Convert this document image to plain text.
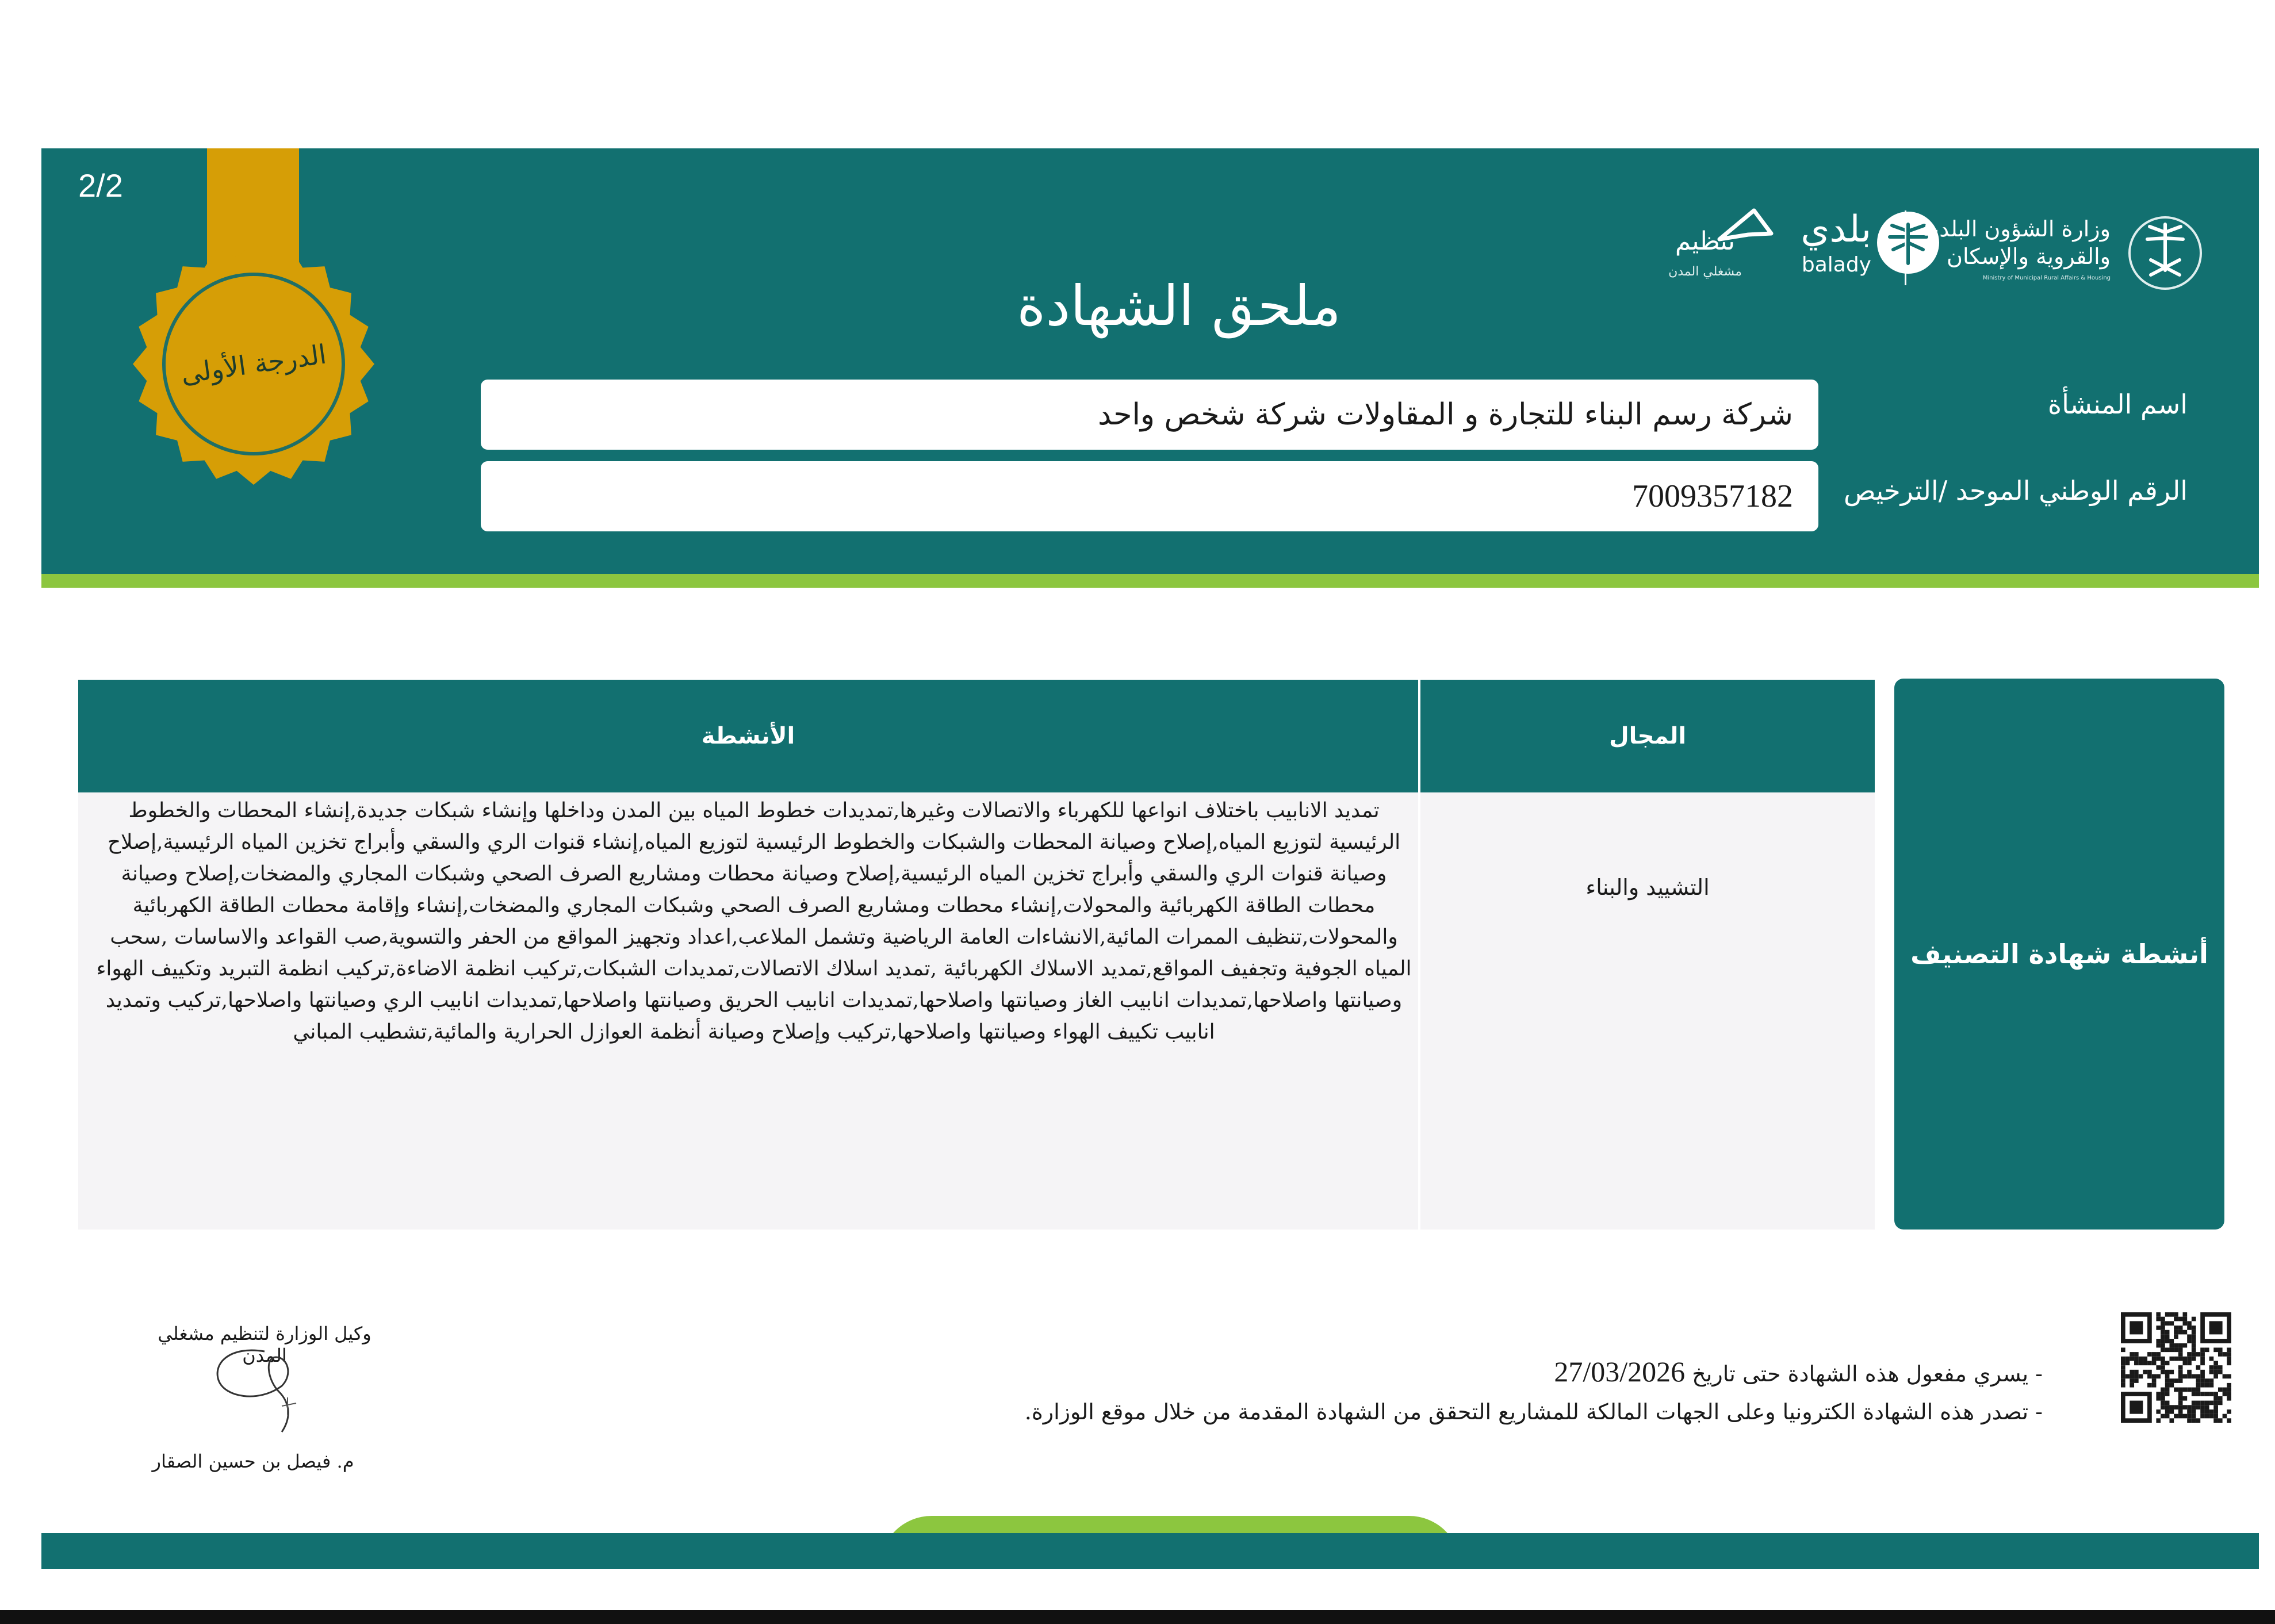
2/2
الدرجة الأولى
ملحق الشهادة
تنظيم
مشغلي المدن
بلدي
balady
وزارة الشؤون البلدية والقروية والإسكان
Ministry of Municipal Rural Affairs & Housing
اسم المنشأة
شركة رسم البناء للتجارة و المقاولات شركة شخص واحد
الرقم الوطني الموحد /الترخيص
7009357182
أنشطة شهادة التصنيف
الأنشطة	المجال
التشييد والبناء
تمديد الانابيب باختلاف انواعها للكهرباء والاتصالات وغيرها,تمديدات خطوط المياه بين المدن وداخلها وإنشاء شبكات جديدة,إنشاء المحطات والخطوط الرئيسية لتوزيع المياه,إصلاح وصيانة المحطات والشبكات والخطوط الرئيسية لتوزيع المياه,إنشاء قنوات الري والسقي وأبراج تخزين المياه الرئيسية,إصلاح وصيانة قنوات الري والسقي وأبراج تخزين المياه الرئيسية,إصلاح وصيانة محطات ومشاريع الصرف الصحي وشبكات المجاري والمضخات,إصلاح وصيانة محطات الطاقة الكهربائية والمحولات,إنشاء محطات ومشاريع الصرف الصحي وشبكات المجاري والمضخات,إنشاء وإقامة محطات الطاقة الكهربائية والمحولات,تنظيف الممرات المائية,الانشاءات العامة الرياضية وتشمل الملاعب,اعداد وتجهيز المواقع من الحفر والتسوية,صب القواعد والاساسات ,سحب المياه الجوفية وتجفيف المواقع,تمديد الاسلاك الكهربائية ,تمديد اسلاك الاتصالات,تمديدات الشبكات,تركيب انظمة الاضاءة,تركيب انظمة التبريد وتكييف الهواء وصيانتها واصلاحها,تمديدات انابيب الغاز وصيانتها واصلاحها,تمديدات انابيب الحريق وصيانتها واصلاحها,تمديدات انابيب الري وصيانتها واصلاحها,تركيب وتمديد انابيب تكييف الهواء وصيانتها واصلاحها,تركيب وإصلاح وصيانة أنظمة العوازل الحرارية والمائية,تشطيب المباني
- يسري مفعول هذه الشهادة حتى تاريخ 27/03/2026
- تصدر هذه الشهادة الكترونيا وعلى الجهات المالكة للمشاريع التحقق من الشهادة المقدمة من خلال موقع الوزارة.
وكيل الوزارة لتنظيم مشغلي المدن
م. فيصل بن حسين الصقار
